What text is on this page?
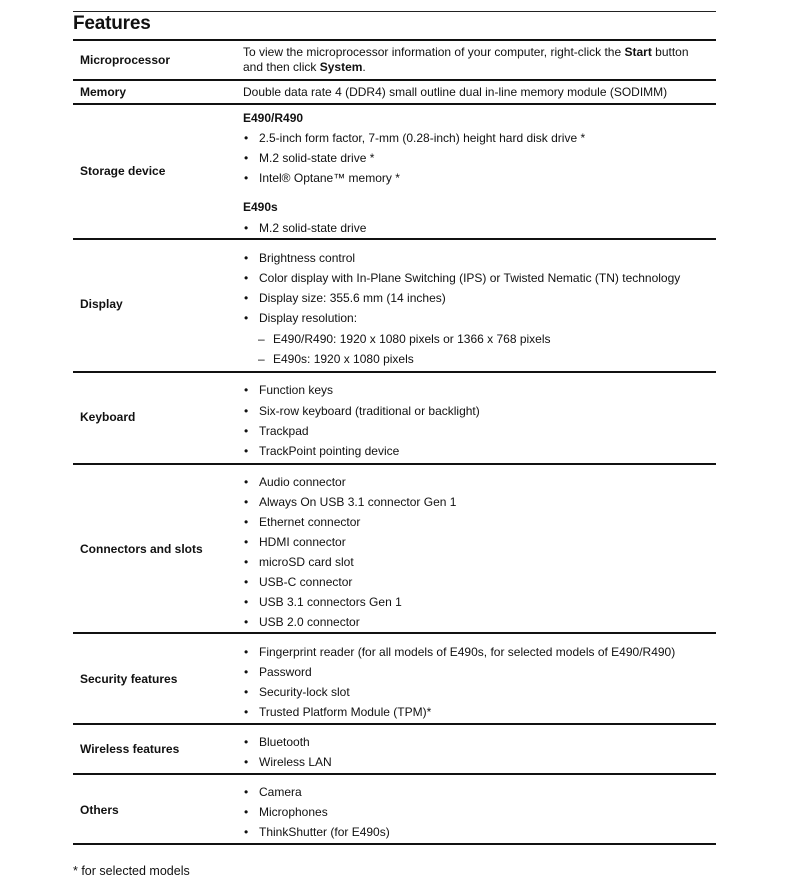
Features
Microprocessor
To view the microprocessor information of your computer, right-click the Start button
and then click System.
Memory	Double data rate 4 (DDR4) small outline dual in-line memory module (SODIMM)
Storage device
E490/R490
• 2.5-inch form factor, 7-mm (0.28-inch) height hard disk drive *
• M.2 solid-state drive *
• Intel® Optane™ memory *
E490s
• M.2 solid-state drive
Display
• Brightness control
• Color display with In-Plane Switching (IPS) or Twisted Nematic (TN) technology
• Display size: 355.6 mm (14 inches)
• Display resolution:
– E490/R490: 1920 x 1080 pixels or 1366 x 768 pixels
– E490s: 1920 x 1080 pixels
Keyboard
• Function keys
• Six-row keyboard (traditional or backlight)
• Trackpad
• TrackPoint pointing device
Connectors and slots
• Audio connector
• Always On USB 3.1 connector Gen 1
• Ethernet connector
• HDMI connector
• microSD card slot
• USB-C connector
• USB 3.1 connectors Gen 1
• USB 2.0 connector
Security features
• Fingerprint reader (for all models of E490s, for selected models of E490/R490)
• Password
• Security-lock slot
• Trusted Platform Module (TPM)*
Wireless features	• Bluetooth
• Wireless LAN
Others
• Camera
• Microphones
• ThinkShutter (for E490s)
* for selected models
